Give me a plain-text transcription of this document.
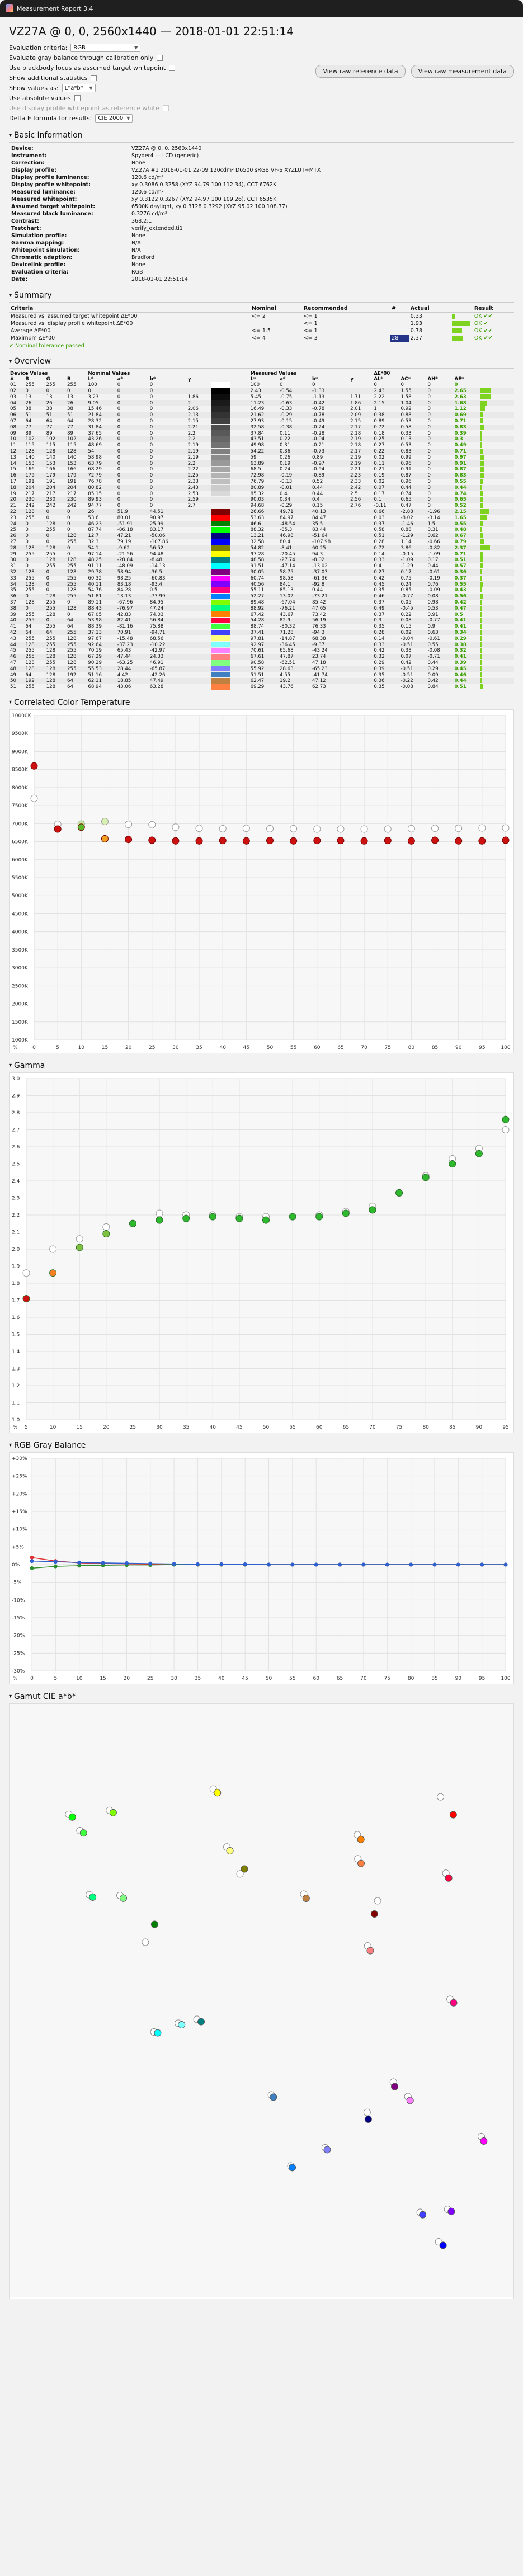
Measurement Report 3.4
VZ27A @ 0, 0, 2560x1440 — 2018-01-01 22:51:14
Evaluation criteria: RGB	▼
Evaluate gray balance through calibration only
Use blackbody locus as assumed target whitepoint
Show additional statistics
Show values as: L*a*b* ▼
Use absolute values
Use display profile whitepoint as reference white
Delta E formula for results: CIE 2000 ▼
View raw reference data	View raw measurement data
▾ Basic Information
Device:	VZ27A @ 0, 0, 2560x1440
Instrument:	Spyder4 — LCD (generic)
Correction:	None
Display profile:	VZ27A #1 2018-01-01 22-09 120cdm² D6500 sRGB VF-S XYZLUT+MTX
Display profile luminance:	120.6 cd/m²
Display profile whitepoint:	xy 0.3086 0.3258 (XYZ 94.79 100 112.34), CCT 6762K
Measured luminance:	120.6 cd/m²
Measured whitepoint:	xy 0.3122 0.3267 (XYZ 94.97 100 109.26), CCT 6535K
Assumed target whitepoint:	6500K daylight, xy 0.3128 0.3292 (XYZ 95.02 100 108.77)
Measured black luminance:	0.3276 cd/m²
Contrast:	368.2:1
Testchart:	verify_extended.ti1
Simulation profile:	None
Gamma mapping:	N/A
Whitepoint simulation:	N/A
Chromatic adaption:	Bradford
Devicelink profile:	None
Evaluation criteria:	RGB
Date:	2018-01-01 22:51:14
▾ Summary
Criteria	Nominal	Recommended	#	Actual		Result
Measured vs. assumed target whitepoint ΔE*00	<= 2	<= 1		0.33		OK ✔✔
Measured vs. display profile whitepoint ΔE*00		<= 1		1.93		OK ✔
Average ΔE*00	<= 1.5	<= 1		0.78		OK ✔✔
Maximum ΔE*00	<= 4	<= 3	28	2.37		OK ✔✔
✔ Nominal tolerance passed
▾ Overview
Device Values				Nominal Values					Measured Values				ΔE*00				
#	R	G	B	L*	a*	b*	γ		L*	a*	b*	γ	ΔL*	ΔC*	ΔH*	ΔE*	
01	255	255	255	100	0	0			100	0	0		0	0	0	0	

02	0	0	0	0	0	0			2.43	-0.54	-1.33		2.43	1.55	0	2.65	

03	13	13	13	3.23	0	0	1.86		5.45	-0.75	-1.13	1.71	2.22	1.58	0	2.63	

04	26	26	26	9.05	0	0	2		11.23	-0.63	-0.42	1.86	2.15	1.04	0	1.68	

05	38	38	38	15.46	0	0	2.06		16.49	-0.33	-0.78	2.01	1	0.92	0	1.12	

06	51	51	51	21.84	0	0	2.13		21.62	-0.29	-0.78	2.09	0.38	0.88	0	0.69	

07	64	64	64	28.32	0	0	2.15		27.93	-0.15	-0.49	2.15	0.89	0.53	0	0.71	

08	77	77	77	31.84	0	0	2.21		32.58	-0.38	-0.24	2.17	0.72	0.58	0	0.83	

09	89	89	89	37.65	0	0	2.2		37.84	0.11	-0.28	2.18	0.18	0.33	0	0.39	

10	102	102	102	43.26	0	0	2.2		43.51	0.22	-0.04	2.19	0.25	0.13	0	0.3	

11	115	115	115	48.69	0	0	2.19		49.98	0.31	-0.21	2.18	0.27	0.53	0	0.49	

12	128	128	128	54	0	0	2.19		54.22	0.36	-0.73	2.17	0.22	0.83	0	0.71	

13	140	140	140	58.98	0	0	2.19		59	0.26	0.89	2.19	0.02	0.99	0	0.97	

14	153	153	153	63.79	0	0	2.2		63.89	0.19	-0.97	2.19	0.11	0.96	0	0.91	

15	166	166	166	68.29	0	0	2.22		68.5	0.24	-0.94	2.21	0.21	0.91	0	0.87	

16	179	179	179	72.79	0	0	2.25		72.98	-0.19	-0.89	2.23	0.19	0.87	0	0.83	

17	191	191	191	76.78	0	0	2.33		76.79	-0.13	0.52	2.33	0.02	0.96	0	0.55	

18	204	204	204	80.82	0	0	2.43		80.89	-0.01	0.44	2.42	0.07	0.44	0	0.44	

19	217	217	217	85.15	0	0	2.53		85.32	0.4	0.44	2.5	0.17	0.74	0	0.74	

20	230	230	230	89.93	0	0	2.59		90.03	0.34	0.4	2.56	0.1	0.65	0	0.65	

21	242	242	242	94.77	0	0	2.7		94.68	-0.29	0.15	2.76	-0.11	0.47	0	0.52	

22	128	0	0	26	51.9	44.51			26.66	49.71	40.13		0.66	-2.88	-1.96	2.15	

23	255	0	0	53.6	80.01	90.97			53.63	84.97	84.47		0.03	-8.02	-3.14	1.65	

24	0	128	0	46.23	-51.91	25.99			46.6	-48.54	35.5		0.37	-1.46	1.5	0.55	

25	0	255	0	87.74	-86.18	83.17			88.32	-85.3	83.44		0.58	0.88	0.31	0.48	

26	0	0	128	12.7	47.21	-50.06			13.21	46.98	-51.64		0.51	-1.29	0.62	0.67	

27	0	0	255	32.3	79.19	-107.86			32.58	80.4	-107.98		0.28	1.14	-0.66	0.79	

28	128	128	0	54.1	-9.62	56.52			54.82	-8.41	60.25		0.72	3.86	-0.82	2.37	

29	255	255	0	97.14	-21.56	94.48			97.28	-20.45	94.3		0.14	-0.15	-1.09	0.71	

30	0	128	128	48.25	-28.84	-8.48			48.58	-27.74	-8.02		0.33	-1.09	0.17	0.51	

31	0	255	255	91.11	-48.09	-14.13			91.51	-47.14	-13.02		0.4	-1.29	0.44	0.57	

32	128	0	128	29.78	58.94	-36.5			30.05	58.75	-37.03		0.27	0.17	-0.61	0.36	

33	255	0	255	60.32	98.25	-60.83			60.74	98.58	-61.36		0.42	0.75	-0.19	0.37	

34	128	0	255	40.11	83.18	-93.4			40.56	84.1	-92.8		0.45	0.24	0.76	0.55	

35	255	0	128	54.76	84.28	0.5			55.11	85.13	0.44		0.35	0.85	-0.09	0.43	

36	0	128	255	51.81	13.13	-73.99			52.27	13.02	-73.21		0.46	-0.77	0.08	0.56	

37	128	255	0	89.11	-67.96	84.95			89.48	-67.04	85.42		0.37	0.05	0.98	0.42	

38	0	255	128	88.43	-76.97	47.24			88.92	-76.21	47.65		0.49	-0.45	0.53	0.47	

39	255	128	0	67.05	42.83	74.03			67.42	43.67	73.42		0.37	0.22	0.91	0.5	

40	255	0	64	53.98	82.41	56.84			54.28	82.9	56.19		0.3	0.08	-0.77	0.41	

41	64	255	64	88.39	-81.16	75.88			88.74	-80.32	76.33		0.35	0.15	0.9	0.41	

42	64	64	255	37.13	70.91	-94.71			37.41	71.28	-94.3		0.28	0.02	0.63	0.34	

43	255	255	128	97.67	-15.48	68.56			97.81	-14.87	68.38		0.14	-0.04	-0.61	0.29	

44	128	255	255	92.64	-37.23	-10.22			92.97	-36.45	-9.37		0.33	-0.51	0.55	0.38	

45	255	128	255	70.19	65.43	-42.97			70.61	65.68	-43.24		0.42	0.38	-0.08	0.32	

46	255	128	128	67.29	47.44	24.33			67.61	47.87	23.74		0.32	0.07	-0.71	0.41	

47	128	255	128	90.29	-63.25	46.91			90.58	-62.51	47.18		0.29	0.42	0.44	0.39	

48	128	128	255	55.53	28.44	-65.87			55.92	28.63	-65.23		0.39	-0.51	0.29	0.45	

49	64	128	192	51.16	4.42	-42.26			51.51	4.55	-41.74		0.35	-0.51	0.09	0.46	

50	192	128	64	62.11	18.85	47.49			62.47	19.2	47.12		0.36	-0.22	0.42	0.44	

51	255	128	64	68.94	43.06	63.28			69.29	43.76	62.73		0.35	-0.08	0.84	0.51	
▾ Correlated Color Temperature
10000K
9500K
9000K
8500K
8000K
7500K
7000K
6500K
6000K
5500K
5000K
4500K
4000K
3500K
3000K
2500K
2000K
1500K
1000K
%	0	5	10	15	20	25	30	35	40	45	50	55	60	65	70	75	80	85	90	95	100
▾ Gamma
3.0
2.9
2.8
2.7
2.6
2.5
2.4
2.3
2.2
2.1
2.0
1.9
1.8
1.7
1.6
1.5
1.4
1.3
1.2
1.1
1.0
% 5	10	15	20	25	30	35	40	45	50	55	60	65	70	75	80	85	90	95
▾ RGB Gray Balance
+30%
+25%
+20%
+15%
+10%
+5%
0%
-5%
-10%
-15%
-20%
-25%
-30%
%	0	5	10	15	20	25	30	35	40	45	50	55	60	65	70	75	80	85	90	95	100
▾ Gamut CIE a*b*
